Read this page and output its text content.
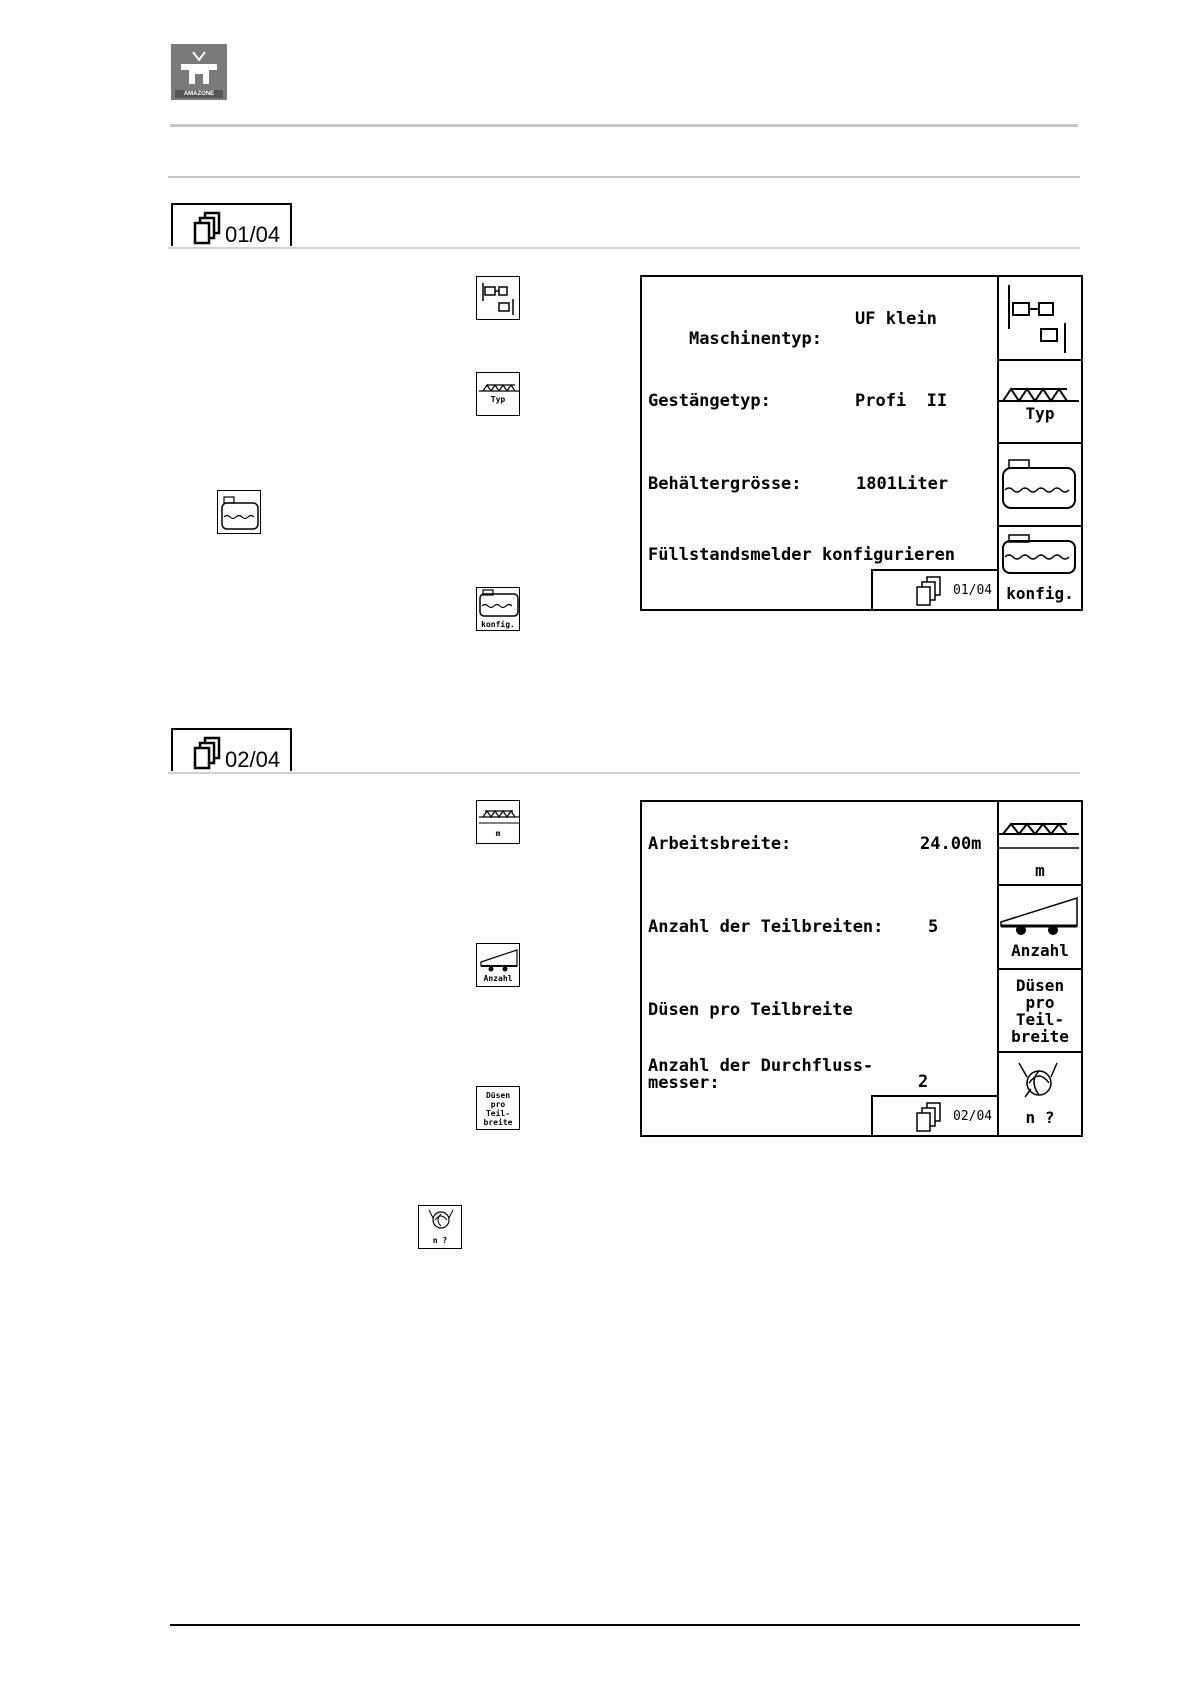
AMAZONE
01/04
Typ
konfig.

Maschinentyp:

UF klein
Gestängetyp:	Profi  II
Behältergrösse:	1801Liter
Füllstandsmelder konfigurieren
01/04
Typ
konfig.
02/04
m
Anzahl
Düsen
pro
Teil-
breite
n ?
Arbeitsbreite:	24.00m
Anzahl der Teilbreiten:	5
Düsen pro Teilbreite
Anzahl der Durchfluss-
messer:	2
02/04
m
Anzahl
Düsen
pro
Teil-
breite
n ?
